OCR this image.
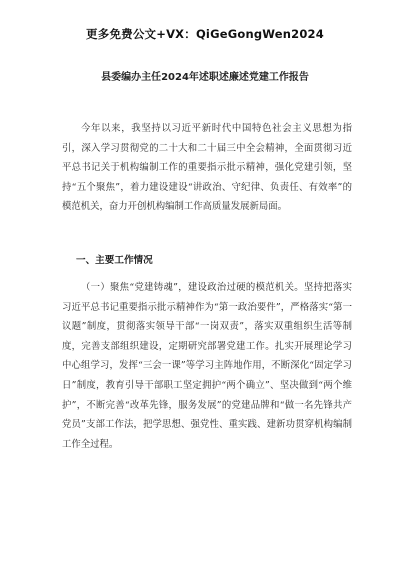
更多免费公文+VX：QiGeGongWen2024
县委编办主任2024年述职述廉述党建工作报告

今年以来，我坚持以习近平新时代中国特色社会主义思想为指引，深入学习贯彻党的二十大和二十届三中全会精神，全面贯彻习近平总书记关于机构编制工作的重要指示批示精神，强化党建引领，坚持“五个聚焦”，着力建设建设“讲政治、守纪律、负责任、有效率”的模范机关，奋力开创机构编制工作高质量发展新局面。

一、主要工作情况

（一）聚焦“党建铸魂”，建设政治过硬的模范机关。坚持把落实习近平总书记重要指示批示精神作为“第一政治要件”，严格落实“第一议题”制度，贯彻落实领导干部“一岗双责”，落实双重组织生活等制度，完善支部组织建设，定期研究部署党建工作。扎实开展理论学习中心组学习，发挥“三会一课”等学习主阵地作用，不断深化“固定学习日”制度，教育引导干部职工坚定拥护“两个确立”、坚决做到“两个维护”，不断完善“改革先锋，服务发展”的党建品牌和“做一名先锋共产党员”支部工作法，把学思想、强党性、重实践、建新功贯穿机构编制工作全过程。
